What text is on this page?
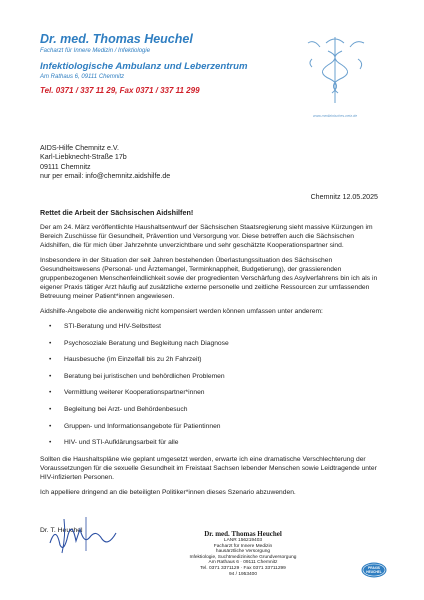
Dr. med. Thomas Heuchel
Facharzt für Innere Medizin / Infektiologie
Infektiologische Ambulanz und Leberzentrum
Am Rathaus 6, 09111 Chemnitz
Tel. 0371 / 337 11 29, Fax 0371 / 337 11 299
www.medizinisches-netz.de
AIDS-Hilfe Chemnitz e.V.
Karl-Liebknecht-Straße 17b
09111 Chemnitz
nur per email: info@chemnitz.aidshilfe.de
Chemnitz 12.05.2025
Rettet die Arbeit der Sächsischen Aidshilfen!

Der am 24. März veröffentlichte Haushaltsentwurf der Sächsischen Staatsregierung sieht massive Kürzungen im Bereich Zuschüsse für Gesundheit, Prävention und Versorgung vor. Diese betreffen auch die Sächsischen Aidshilfen, die für mich über Jahrzehnte unverzichtbare und sehr geschätzte Kooperationspartner sind.

Insbesondere in der Situation der seit Jahren bestehenden Überlastungssituation des Sächsischen Gesundheitswesens (Personal- und Ärztemangel, Terminknappheit, Budgetierung), der grassierenden gruppenbezogenen Menschenfeindlichkeit sowie der progredienten Verschärfung des Asylverfahrens bin ich als in eigener Praxis tätiger Arzt häufig auf zusätzliche externe personelle und zeitliche Ressourcen zur umfassenden Betreuung meiner Patient*innen angewiesen.

Aidshilfe-Angebote die anderweitig nicht kompensiert werden können umfassen unter anderem:

• STI-Beratung und HIV-Selbsttest
• Psychosoziale Beratung und Begleitung nach Diagnose
• Hausbesuche (im Einzelfall bis zu 2h Fahrzeit)
• Beratung bei juristischen und behördlichen Problemen
• Vermittlung weiterer Kooperationspartner*innen
• Begleitung bei Arzt- und Behördenbesuch
• Gruppen- und Informationsangebote für Patientinnen
• HIV- und STI-Aufklärungsarbeit für alle

Sollten die Haushaltspläne wie geplant umgesetzt werden, erwarte ich eine dramatische Verschlechterung der Voraussetzungen für die sexuelle Gesundheit im Freistaat Sachsen lebender Menschen sowie Leidtragende unter HIV-infizierten Personen.

Ich appelliere dringend an die beteiligten Politiker*innen dieses Szenario abzuwenden.

Dr. T. Heuchel	Dr. med. Thomas Heuchel
LANR 156219403
Facharzt für Innere Medizin
hausärztliche Versorgung
Infektiologie, Suchtmedizinische Grundversorgung
Am Rathaus 6 · 09111 Chemnitz
Tel. 0371 3371129 · Fax 0371 33711299
94 / 1953400
PRAXIS
HEUCHEL
